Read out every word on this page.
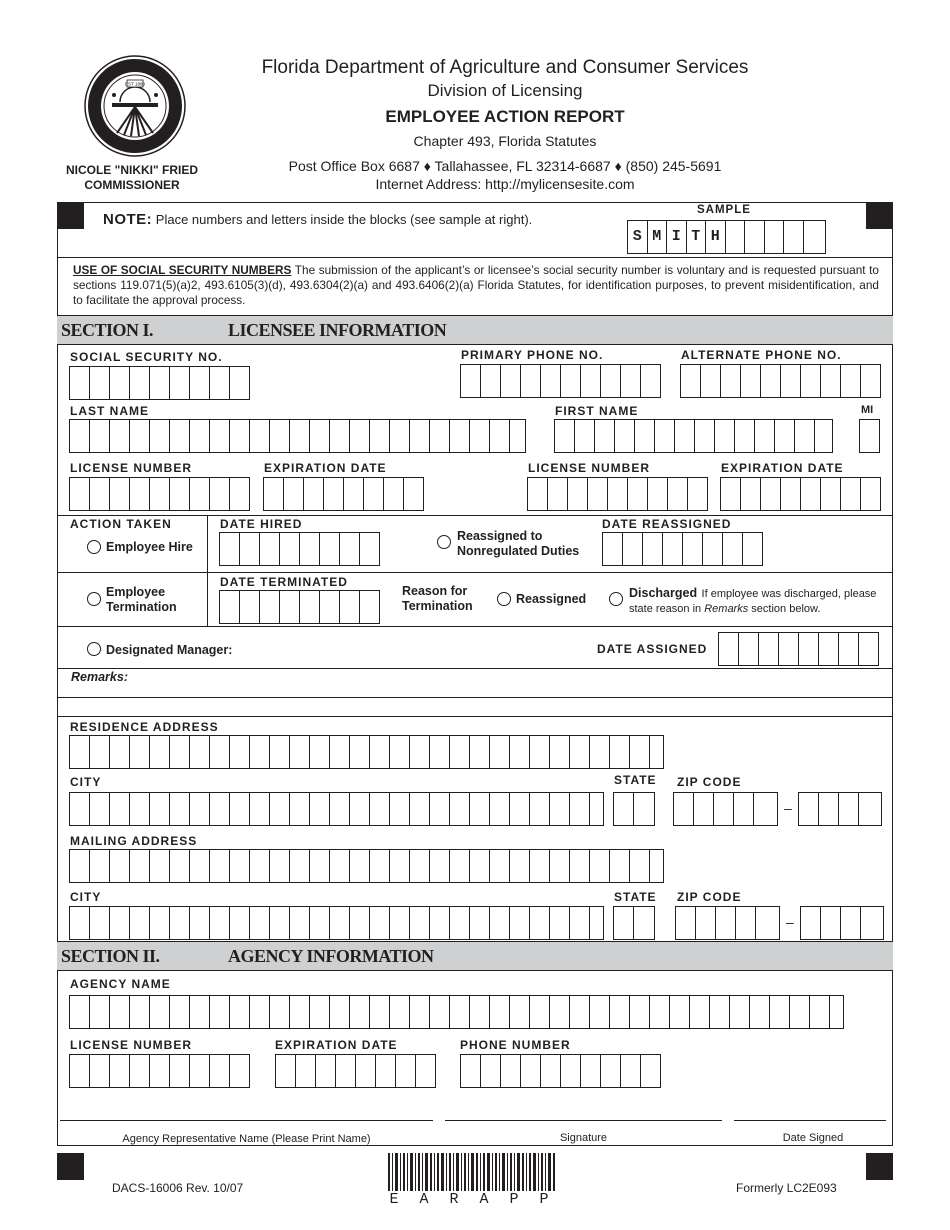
EST 1889
Florida Department of Agriculture and Consumer Services
Division of Licensing
EMPLOYEE ACTION REPORT
Chapter 493, Florida Statutes
Post Office Box 6687 ♦ Tallahassee, FL 32314-6687 ♦ (850) 245-5691
Internet Address: http://mylicensesite.com
NICOLE "NIKKI" FRIED
COMMISSIONER
NOTE: Place numbers and letters inside the blocks (see sample at right).
SAMPLE
S M I T H
USE OF SOCIAL SECURITY NUMBERS The submission of the applicant’s or licensee’s social security number is voluntary and is requested pursuant to sections 119.071(5)(a)2, 493.6105(3)(d), 493.6304(2)(a) and 493.6406(2)(a) Florida Statutes, for identification purposes, to prevent misidentification, and to facilitate the approval process.
SECTION I.	LICENSEE INFORMATION
SOCIAL SECURITY NO.	PRIMARY PHONE NO.	ALTERNATE PHONE NO.
LAST NAME	FIRST NAME	MI
LICENSE NUMBER	EXPIRATION DATE	LICENSE NUMBER	EXPIRATION DATE
ACTION TAKEN
Employee Hire
DATE HIRED
Reassigned to
Nonregulated Duties
DATE REASSIGNED
Employee
Termination
DATE TERMINATED
Reason for
Termination	Reassigned	Discharged If employee was discharged, please
state reason in Remarks section below.
Designated Manager:	DATE ASSIGNED
Remarks:
RESIDENCE ADDRESS
CITY	STATE ZIP CODE
–
MAILING ADDRESS
CITY	STATE ZIP CODE
–
SECTION II.	AGENCY INFORMATION
AGENCY NAME
LICENSE NUMBER	EXPIRATION DATE	PHONE NUMBER
Agency Representative Name (Please Print Name)	Signature	Date Signed
DACS-16006 Rev. 10/07
E A R A P P
Formerly LC2E093
